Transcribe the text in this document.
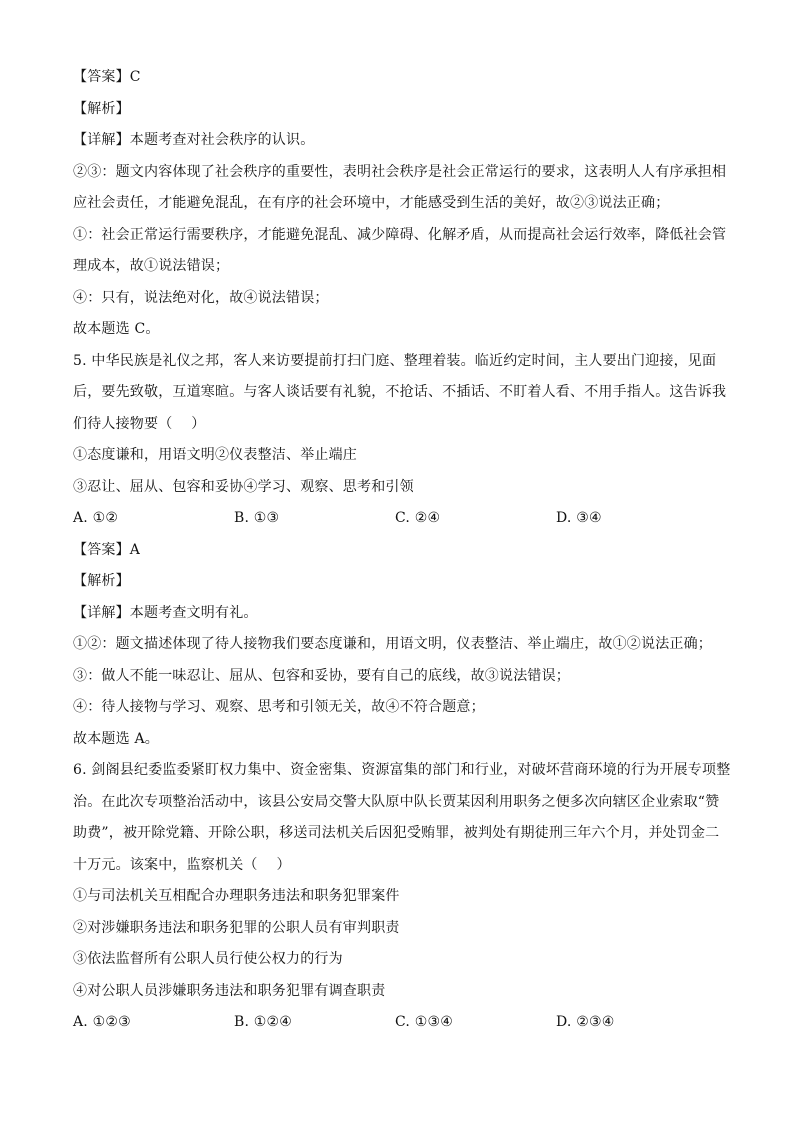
【答案】C
【解析】
【详解】本题考查对社会秩序的认识。
②③：题文内容体现了社会秩序的重要性，表明社会秩序是社会正常运行的要求，这表明人人有序承担相
应社会责任，才能避免混乱，在有序的社会环境中，才能感受到生活的美好，故②③说法正确；
①：社会正常运行需要秩序，才能避免混乱、减少障碍、化解矛盾，从而提高社会运行效率，降低社会管
理成本，故①说法错误；
④：只有，说法绝对化，故④说法错误；
故本题选 C。
5. 中华民族是礼仪之邦，客人来访要提前打扫门庭、整理着装。临近约定时间，主人要出门迎接，见面
后，要先致敬，互道寒暄。与客人谈话要有礼貌，不抢话、不插话、不盯着人看、不用手指人。这告诉我
们待人接物要（　 ）
①态度谦和，用语文明②仪表整洁、举止端庄
③忍让、屈从、包容和妥协④学习、观察、思考和引领
A. ①②	B. ①③	C. ②④	D. ③④
【答案】A
【解析】
【详解】本题考查文明有礼。
①②：题文描述体现了待人接物我们要态度谦和，用语文明，仪表整洁、举止端庄，故①②说法正确；
③：做人不能一味忍让、屈从、包容和妥协，要有自己的底线，故③说法错误；
④：待人接物与学习、观察、思考和引领无关，故④不符合题意；
故本题选 A。
6. 剑阁县纪委监委紧盯权力集中、资金密集、资源富集的部门和行业，对破坏营商环境的行为开展专项整
治。在此次专项整治活动中，该县公安局交警大队原中队长贾某因利用职务之便多次向辖区企业索取“赞
助费”，被开除党籍、开除公职，移送司法机关后因犯受贿罪，被判处有期徒刑三年六个月，并处罚金二
十万元。该案中，监察机关（　 ）
①与司法机关互相配合办理职务违法和职务犯罪案件
②对涉嫌职务违法和职务犯罪的公职人员有审判职责
③依法监督所有公职人员行使公权力的行为
④对公职人员涉嫌职务违法和职务犯罪有调查职责
A. ①②③	B. ①②④	C. ①③④	D. ②③④
